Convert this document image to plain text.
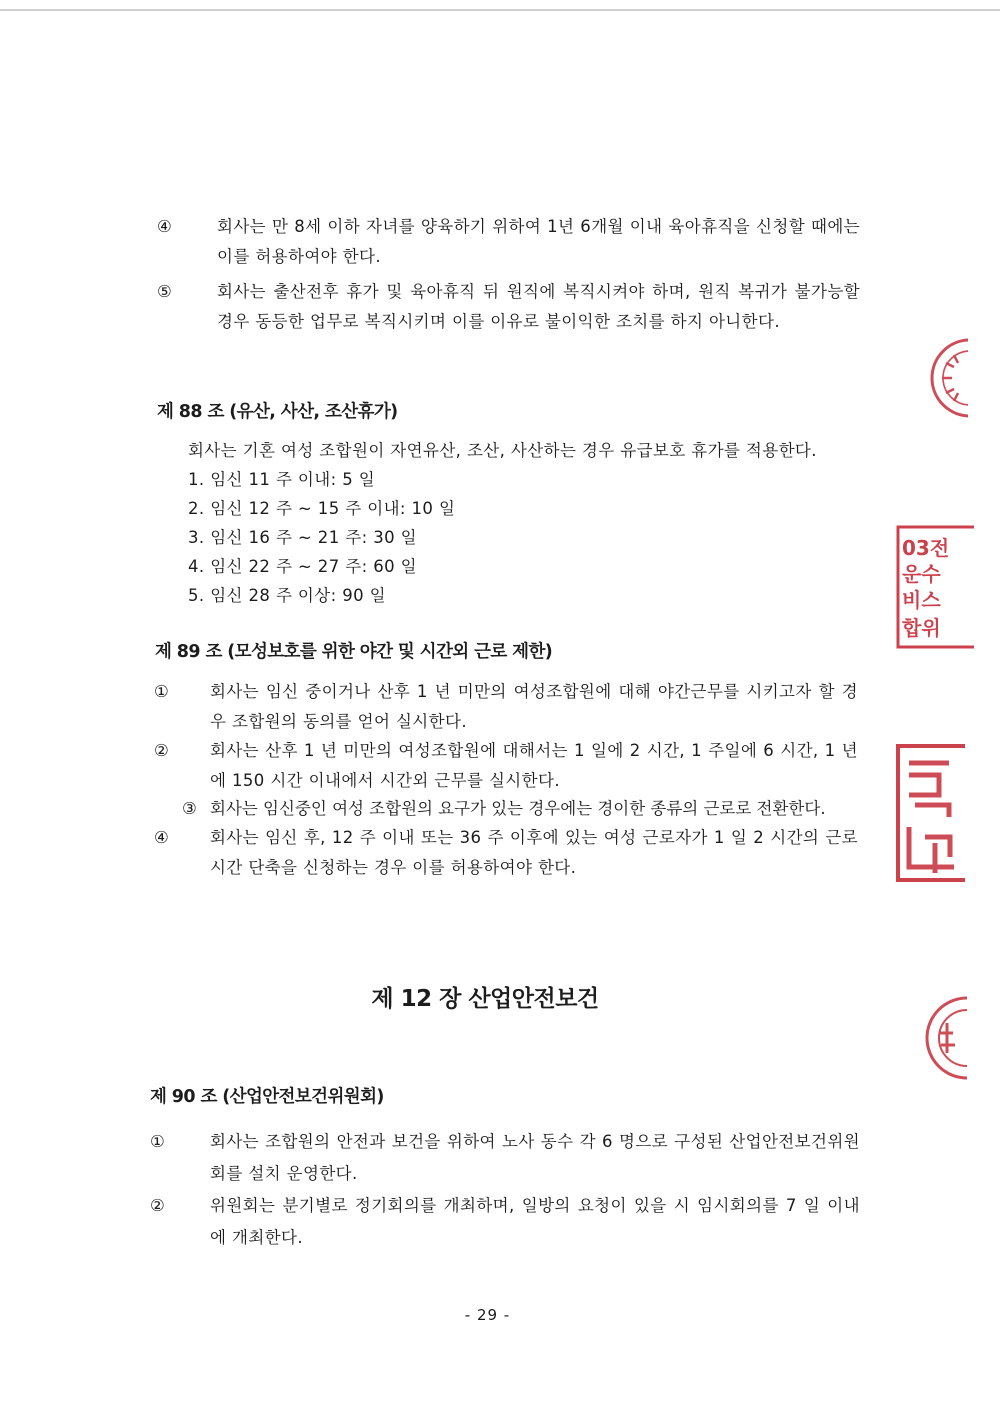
④	회사는 만 8세 이하 자녀를 양육하기 위하여 1년 6개월 이내 육아휴직을 신청할 때에는 이를 허용하여야 한다.

⑤	회사는 출산전후 휴가 및 육아휴직 뒤 원직에 복직시켜야 하며, 원직 복귀가 불가능할 경우 동등한 업무로 복직시키며 이를 이유로 불이익한 조치를 하지 아니한다.

제 88 조 (유산, 사산, 조산휴가)

회사는 기혼 여성 조합원이 자연유산, 조산, 사산하는 경우 유급보호 휴가를 적용한다.

1. 임신 11 주 이내: 5 일

2. 임신 12 주 ~ 15 주 이내: 10 일

3. 임신 16 주 ~ 21 주: 30 일

4. 임신 22 주 ~ 27 주: 60 일

5. 임신 28 주 이상: 90 일

제 89 조 (모성보호를 위한 야간 및 시간외 근로 제한)

① 회사는 임신 중이거나 산후 1 년 미만의 여성조합원에 대해 야간근무를 시키고자 할 경우 조합원의 동의를 얻어 실시한다.

② 회사는 산후 1 년 미만의 여성조합원에 대해서는 1 일에 2 시간, 1 주일에 6 시간, 1 년에 150 시간 이내에서 시간외 근무를 실시한다.

③ 회사는 임신중인 여성 조합원의 요구가 있는 경우에는 경이한 종류의 근로로 전환한다.

④ 회사는 임신 후, 12 주 이내 또는 36 주 이후에 있는 여성 근로자가 1 일 2 시간의 근로시간 단축을 신청하는 경우 이를 허용하여야 한다.

제 12 장 산업안전보건
제 90 조 (산업안전보건위원회)

①	회사는 조합원의 안전과 보건을 위하여 노사 동수 각 6 명으로 구성된 산업안전보건위원회를 설치 운영한다.

②	위원회는 분기별로 정기회의를 개최하며, 일방의 요청이 있을 시 임시회의를 7 일 이내에 개최한다.

- 29 -
03전
운수
비스
합위
